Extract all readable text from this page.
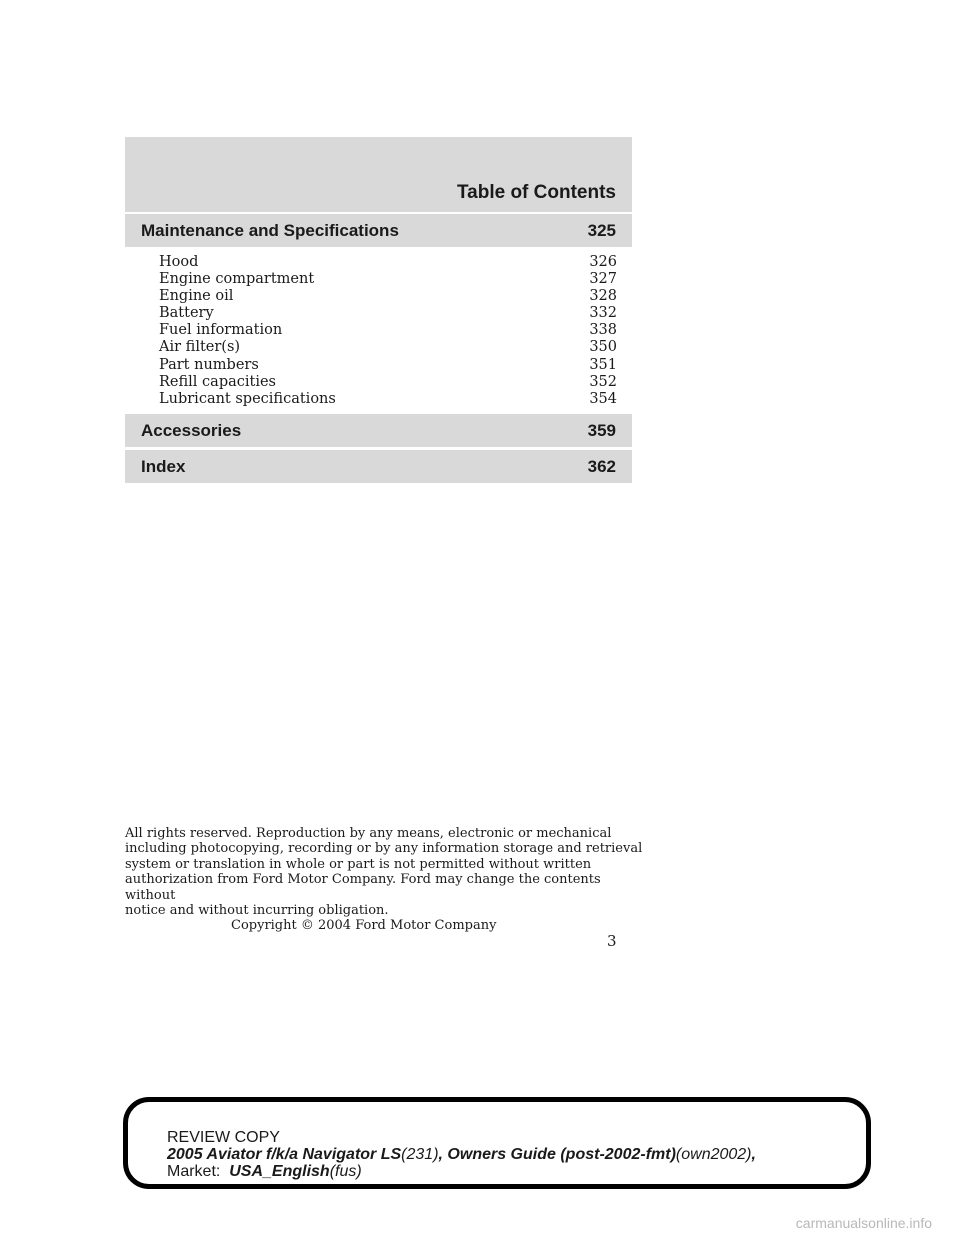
Table of Contents
Maintenance and Specifications	325
Hood	326
Engine compartment	327
Engine oil	328
Battery	332
Fuel information	338
Air filter(s)	350
Part numbers	351
Refill capacities	352
Lubricant specifications	354
Accessories	359
Index	362

All rights reserved. Reproduction by any means, electronic or mechanical

including photocopying, recording or by any information storage and retrieval

system or translation in whole or part is not permitted without written

authorization from Ford Motor Company. Ford may change the contents without

notice and without incurring obligation.

Copyright © 2004 Ford Motor Company

3
REVIEW COPY
2005 Aviator f/k/a Navigator LS(231), Owners Guide (post-2002-fmt)(own2002),
Market:  USA_English(fus)
carmanualsonline.info
